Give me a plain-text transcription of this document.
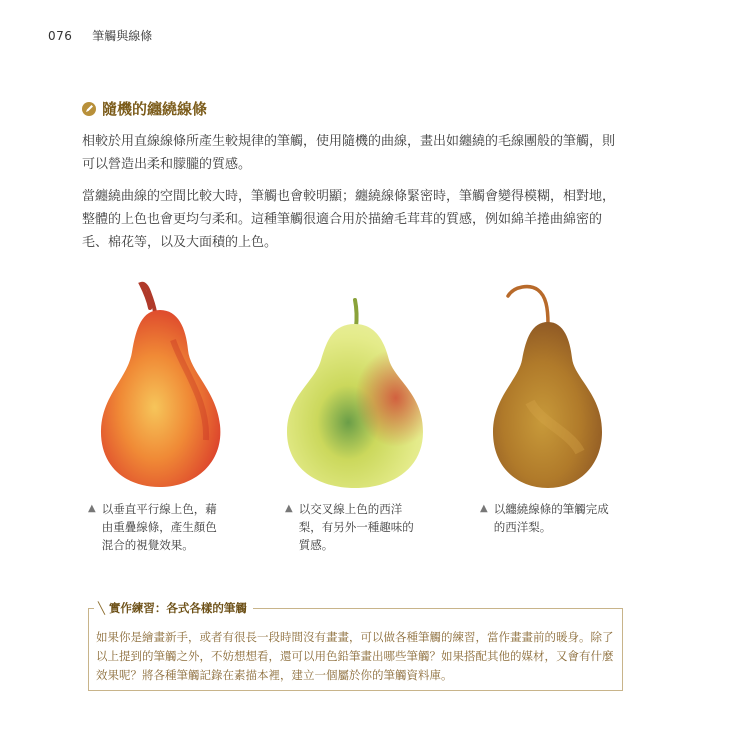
076 筆觸與線條
隨機的纏繞線條

相較於用直線線條所產生較規律的筆觸，使用隨機的曲線，畫出如纏繞的毛線團般的筆觸，則可以營造出柔和朦朧的質感。

當纏繞曲線的空間比較大時，筆觸也會較明顯；纏繞線條緊密時，筆觸會變得模糊，相對地，整體的上色也會更均勻柔和。這種筆觸很適合用於描繪毛茸茸的質感，例如綿羊捲曲綿密的毛、棉花等，以及大面積的上色。

▲ 以垂直平行線上色，藉
由重疊線條，產生顏色
混合的視覺效果。
▲ 以交叉線上色的西洋
梨，有另外一種趣味的
質感。
▲ 以纏繞線條的筆觸完成
的西洋梨。
╲ 實作練習：各式各樣的筆觸

如果你是繪畫新手，或者有很長一段時間沒有畫畫，可以做各種筆觸的練習，當作畫畫前的暖身。除了以上提到的筆觸之外，不妨想想看，還可以用色鉛筆畫出哪些筆觸？如果搭配其他的媒材，又會有什麼效果呢？將各種筆觸記錄在素描本裡，建立一個屬於你的筆觸資料庫。
